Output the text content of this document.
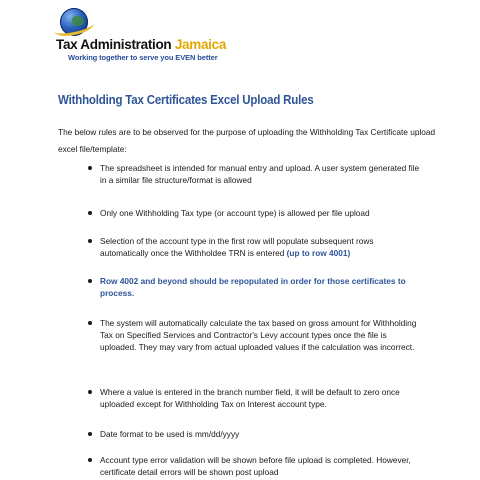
Tax Administration Jamaica
Working together to serve you EVEN better
Withholding Tax Certificates Excel Upload Rules

The below rules are to be observed for the purpose of uploading the Withholding Tax Certificate upload excel file/template:

The spreadsheet is intended for manual entry and upload. A user system generated file in a similar file structure/format is allowed
Only one Withholding Tax type (or account type) is allowed per file upload
Selection of the account type in the first row will populate subsequent rows automatically once the Withholdee TRN is entered (up to row 4001)
Row 4002 and beyond should be repopulated in order for those certificates to process.
The system will automatically calculate the tax based on gross amount for Withholding Tax on Specified Services and Contractor's Levy account types once the file is uploaded. They may vary from actual uploaded values if the calculation was incorrect.
Where a value is entered in the branch number field, it will be default to zero once uploaded except for Withholding Tax on Interest account type.
Date format to be used is mm/dd/yyyy
Account type error validation will be shown before file upload is completed. However, certificate detail errors will be shown post upload
